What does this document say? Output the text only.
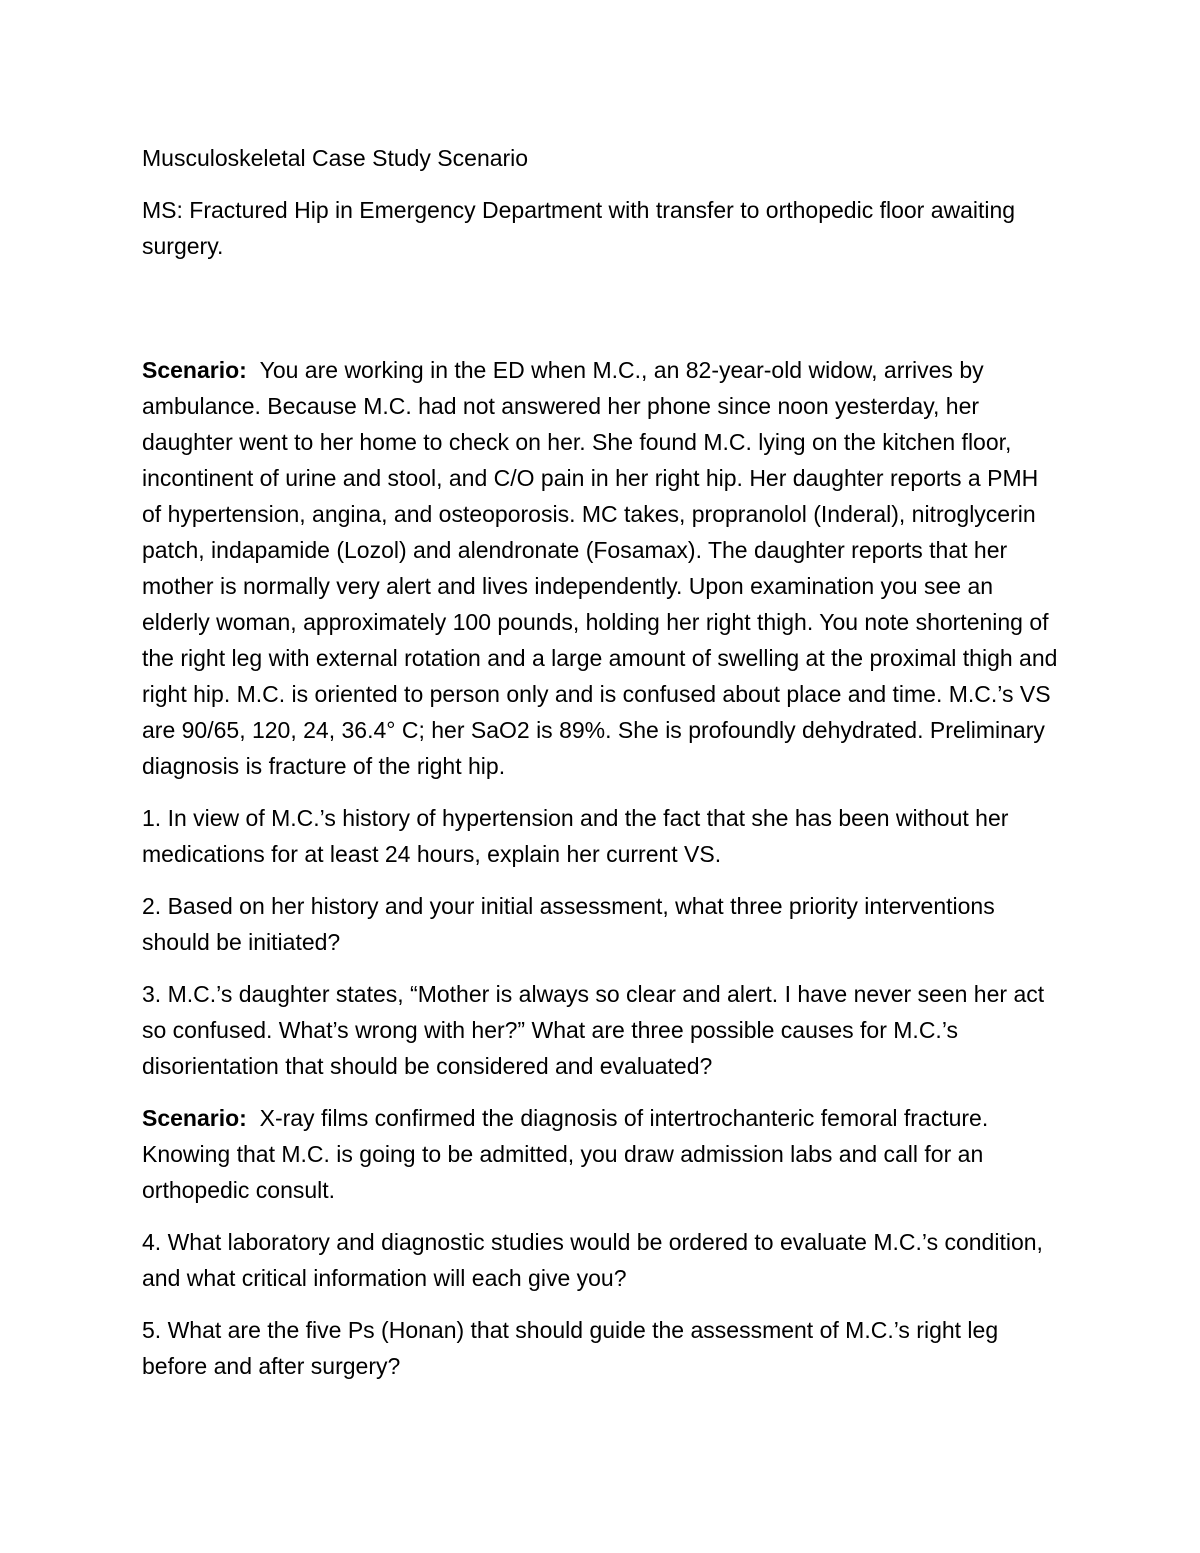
Musculoskeletal Case Study Scenario

MS: Fractured Hip in Emergency Department with transfer to orthopedic floor awaiting surgery.

Scenario: You are working in the ED when M.C., an 82-year-old widow, arrives by ambulance. Because M.C. had not answered her phone since noon yesterday, her daughter went to her home to check on her. She found M.C. lying on the kitchen floor, incontinent of urine and stool, and C/O pain in her right hip. Her daughter reports a PMH of hypertension, angina, and osteoporosis. MC takes, propranolol (Inderal), nitroglycerin patch, indapamide (Lozol) and alendronate (Fosamax). The daughter reports that her mother is normally very alert and lives independently. Upon examination you see an elderly woman, approximately 100 pounds, holding her right thigh. You note shortening of the right leg with external rotation and a large amount of swelling at the proximal thigh and right hip. M.C. is oriented to person only and is confused about place and time. M.C.’s VS are 90/65, 120, 24, 36.4° C; her SaO2 is 89%. She is profoundly dehydrated. Preliminary diagnosis is fracture of the right hip.

1. In view of M.C.’s history of hypertension and the fact that she has been without her medications for at least 24 hours, explain her current VS.

2. Based on her history and your initial assessment, what three priority interventions should be initiated?

3. M.C.’s daughter states, “Mother is always so clear and alert. I have never seen her act so confused. What’s wrong with her?” What are three possible causes for M.C.’s disorientation that should be considered and evaluated?

Scenario: X-ray films confirmed the diagnosis of intertrochanteric femoral fracture. Knowing that M.C. is going to be admitted, you draw admission labs and call for an orthopedic consult.

4. What laboratory and diagnostic studies would be ordered to evaluate M.C.’s condition, and what critical information will each give you?

5. What are the five Ps (Honan) that should guide the assessment of M.C.’s right leg before and after surgery?
